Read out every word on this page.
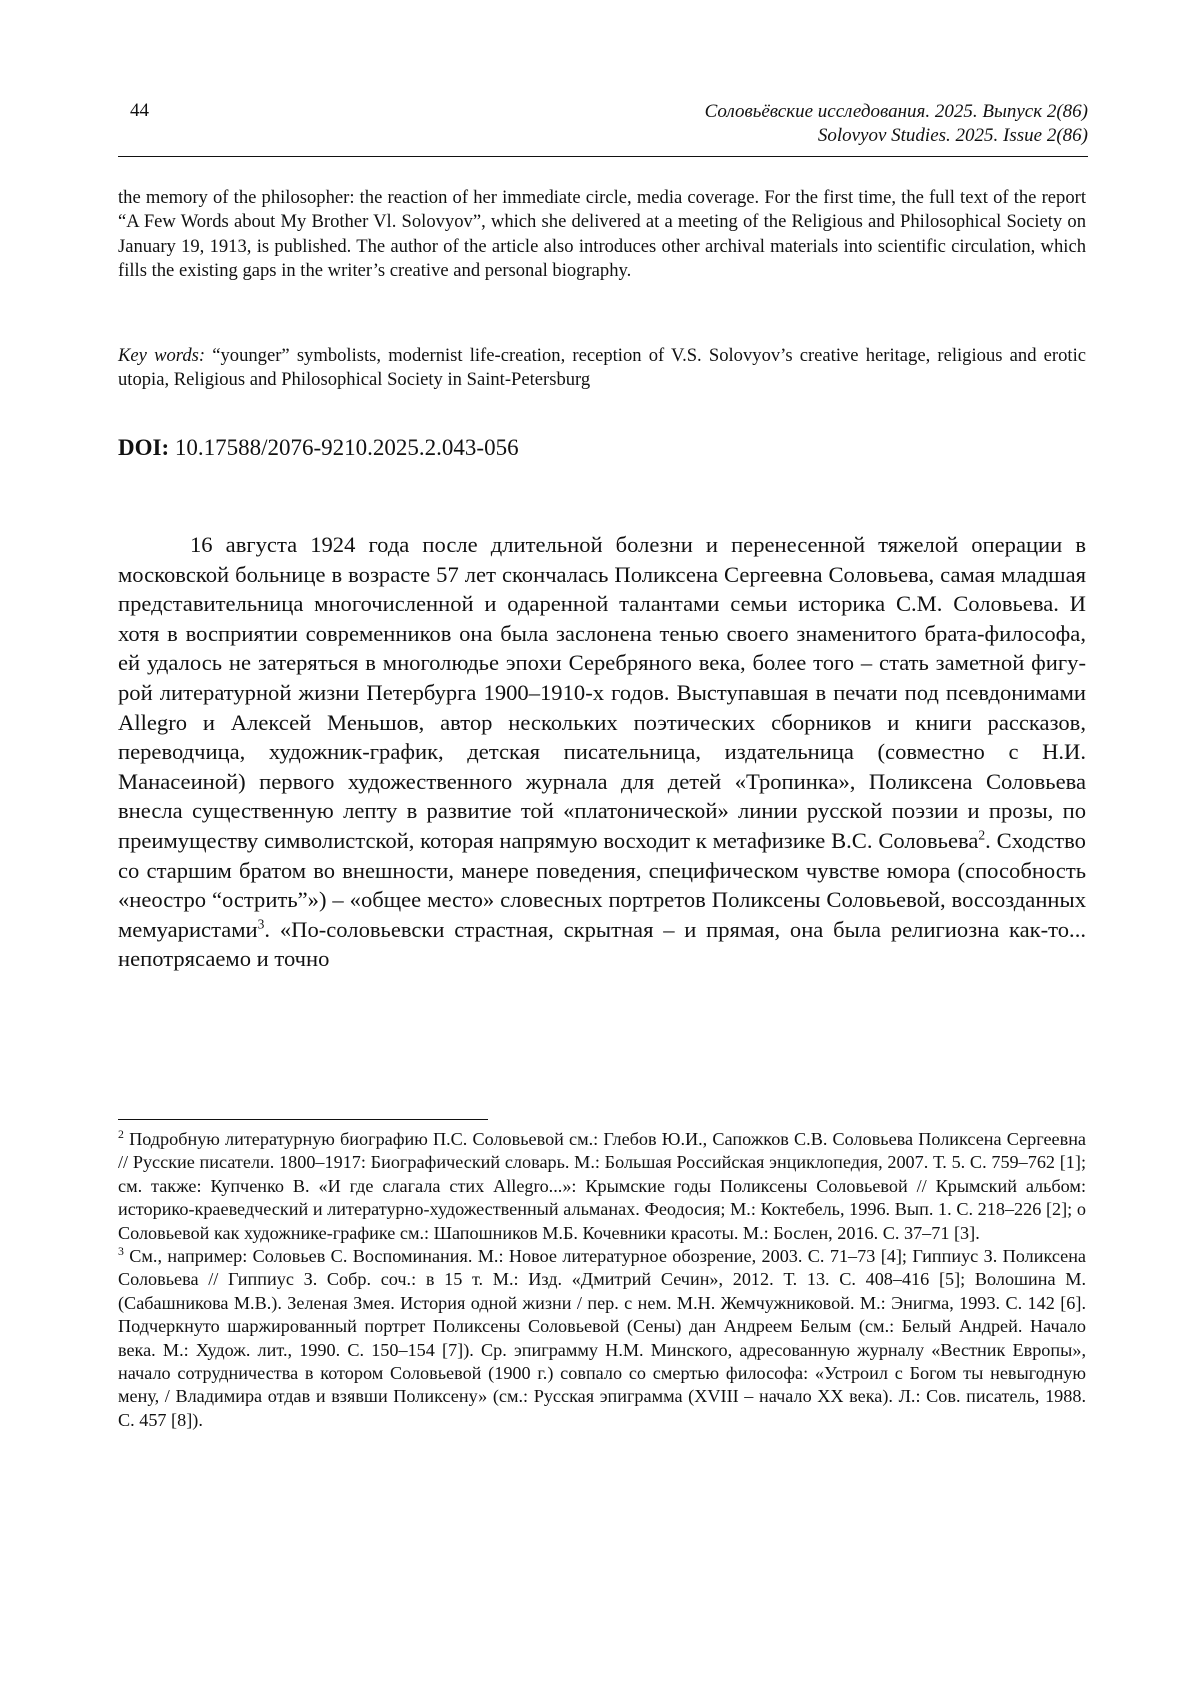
44	Соловьёвские исследования. 2025. Выпуск 2(86)
Solovyov Studies. 2025. Issue 2(86)

the memory of the philosopher: the reaction of her immediate circle, media coverage. For the first time, the full text of the report “A Few Words about My Brother Vl. Solovyov”, which she delivered at a meeting of the Religious and Philosophical Society on January 19, 1913, is published. The author of the article also introduces other archival materials into scientific circulation, which fills the existing gaps in the writer’s creative and personal biography.

Key words: “younger” symbolists, modernist life-creation, reception of V.S. Solovyov’s creative heritage, religious and erotic utopia, Religious and Philosophical Society in Saint-Petersburg

DOI: 10.17588/2076-9210.2025.2.043-056

16 августа 1924 года после длительной болезни и перенесенной тяжелой операции в московской больнице в возрасте 57 лет скончалась Поликсена Сергеевна Соловьева, самая младшая представительница многочисленной и одаренной талантами семьи историка С.М. Соловьева. И хотя в восприятии современников она была заслонена тенью своего знаменитого брата-философа, ей удалось не затеряться в многолюдье эпохи Серебряного века, более того – стать заметной фигурой литературной жизни Петербурга 1900–1910-х годов. Выступавшая в печати под псевдонимами Allegro и Алексей Меньшов, автор нескольких поэтических сборников и книги рассказов, переводчица, художник-график, детская писательница, издательница (совместно с Н.И. Манасеиной) первого художественного журнала для детей «Тропинка», Поликсена Соловьева внесла существенную лепту в развитие той «платонической» линии русской поэзии и прозы, по преимуществу символистской, которая напрямую восходит к метафизике В.С. Соловьева$^2$. Сходство со старшим братом во внешности, манере поведения, специфическом чувстве юмора (способность «неостро “острить”») – «общее место» словесных портретов Поликсены Соловьевой, воссозданных мемуаристами$^3$. «По-соловьевски страстная, скрытная – и прямая, она была религиозна как-то... непотрясаемо и точно

$^2$ Подробную литературную биографию П.С. Соловьевой см.: Глебов Ю.И., Сапожков С.В. Соловьева Поликсена Сергеевна // Русские писатели. 1800–1917: Биографический словарь. М.: Большая Российская энциклопедия, 2007. Т. 5. С. 759–762 [1]; см. также: Купченко В. «И где слагала стих Allegro...»: Крымские годы Поликсены Соловьевой // Крымский альбом: историко-краеведческий и литературно-художественный альманах. Феодосия; М.: Коктебель, 1996. Вып. 1. С. 218–226 [2]; о Соловьевой как художнике-графике см.: Шапошников М.Б. Кочевники красоты. М.: Бослен, 2016. С. 37–71 [3].

$^3$ См., например: Соловьев С. Воспоминания. М.: Новое литературное обозрение, 2003. С. 71–73 [4]; Гиппиус З. Поликсена Соловьева // Гиппиус З. Собр. соч.: в 15 т. М.: Изд. «Дмитрий Сечин», 2012. Т. 13. С. 408–416 [5]; Волошина М. (Сабашникова М.В.). Зеленая Змея. История одной жизни / пер. с нем. М.Н. Жемчужниковой. М.: Энигма, 1993. С. 142 [6]. Подчеркнуто шаржированный портрет Поликсены Соловьевой (Сены) дан Андреем Белым (см.: Белый Андрей. Начало века. М.: Худож. лит., 1990. С. 150–154 [7]). Ср. эпиграмму Н.М. Минского, адресованную журналу «Вестник Европы», начало сотрудничества в котором Соловьевой (1900 г.) совпало со смертью философа: «Устроил с Богом ты невыгодную мену, / Владимира отдав и взявши Поликсену» (см.: Русская эпиграмма (XVIII – начало XX века). Л.: Сов. писатель, 1988. С. 457 [8]).
